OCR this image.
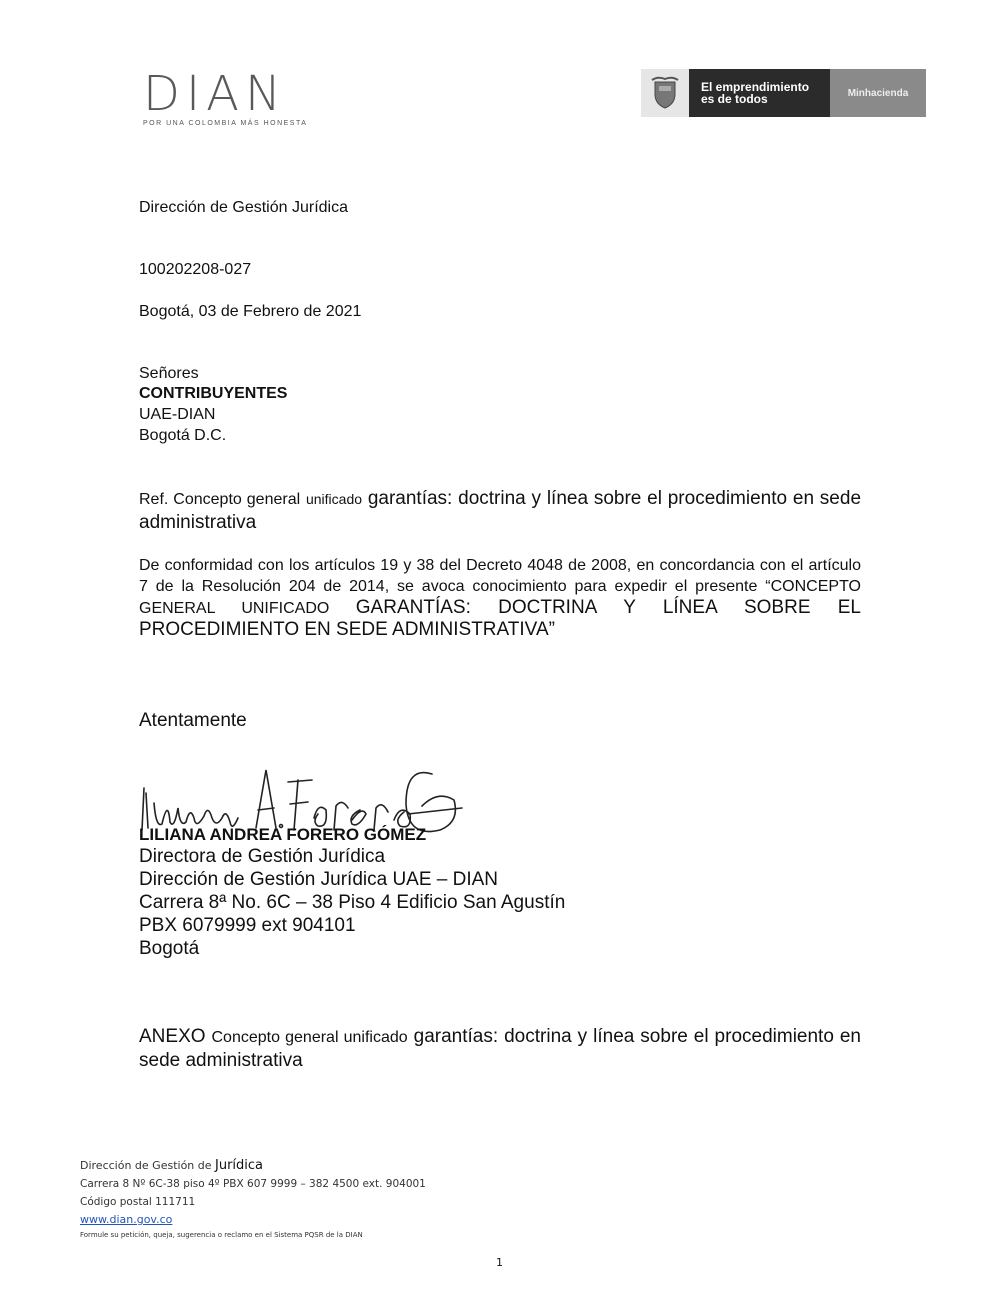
DIAN
POR UNA COLOMBIA MÁS HONESTA
El emprendimiento
es de todos	Minhacienda
Dirección de Gestión Jurídica
100202208-027
Bogotá, 03 de Febrero de 2021
Señores
CONTRIBUYENTES
UAE-DIAN
Bogotá D.C.
Ref. Concepto general unificado garantías: doctrina y línea sobre el procedimiento en sede administrativa
De conformidad con los artículos 19 y 38 del Decreto 4048 de 2008, en concordancia con el artículo 7 de la Resolución 204 de 2014, se avoca conocimiento para expedir el presente “CONCEPTO GENERAL UNIFICADO GARANTÍAS: DOCTRINA Y LÍNEA SOBRE EL PROCEDIMIENTO EN SEDE ADMINISTRATIVA”
Atentamente
LILIANA ANDREA FORERO GÓMEZ
Directora de Gestión Jurídica
Dirección de Gestión Jurídica UAE – DIAN
Carrera 8ª No. 6C – 38 Piso 4 Edificio San Agustín
PBX 6079999 ext 904101
Bogotá
ANEXO Concepto general unificado garantías: doctrina y línea sobre el procedimiento en sede administrativa
Dirección de Gestión de Jurídica
Carrera 8 Nº 6C-38 piso 4º PBX 607 9999 – 382 4500 ext. 904001
Código postal 111711
www.dian.gov.co
Formule su petición, queja, sugerencia o reclamo en el Sistema PQSR de la DIAN
1
